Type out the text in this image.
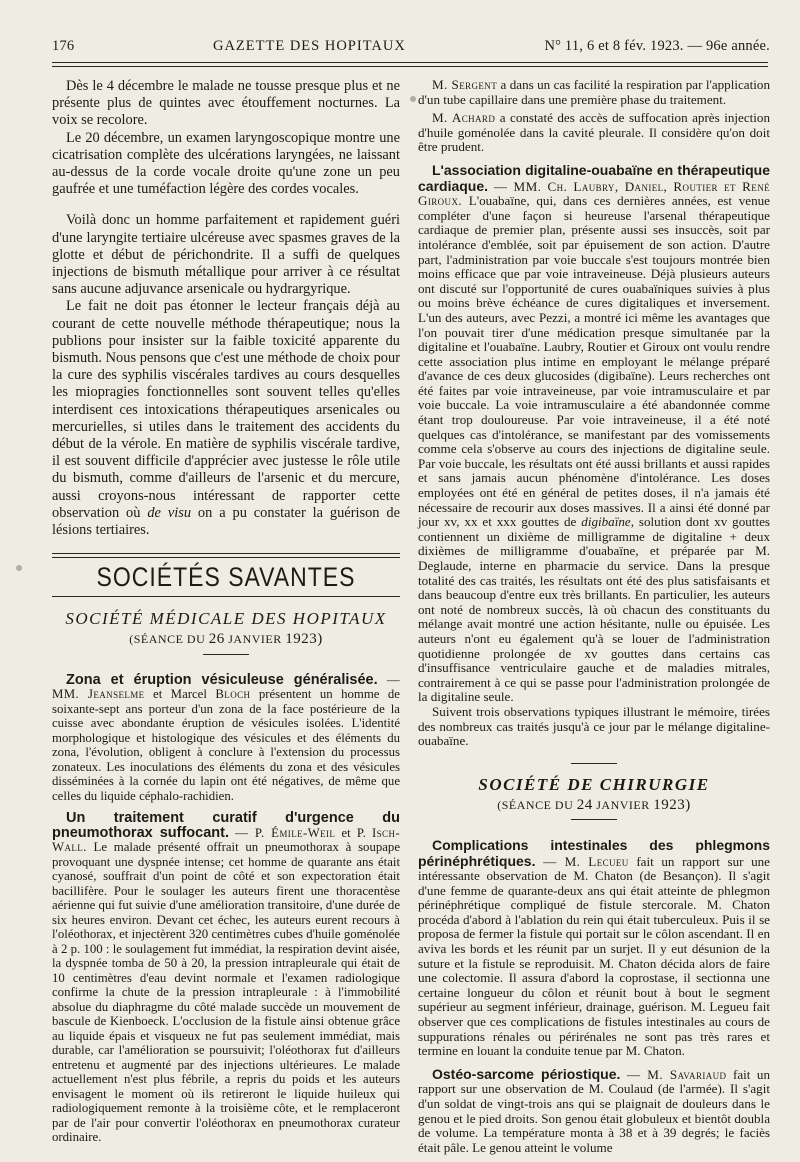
176	GAZETTE DES HOPITAUX	N° 11, 6 et 8 fév. 1923. — 96e année.

Dès le 4 décembre le malade ne tousse presque plus et ne présente plus de quintes avec étouffement nocturnes. La voix se recolore.

Le 20 décembre, un examen laryngoscopique montre une cicatrisation complète des ulcérations laryngées, ne laissant au-dessus de la corde vocale droite qu'une zone un peu gaufrée et une tuméfaction légère des cordes vocales.

Voilà donc un homme parfaitement et rapidement guéri d'une laryngite tertiaire ulcéreuse avec spasmes graves de la glotte et début de périchondrite. Il a suffi de quelques injections de bismuth métallique pour arriver à ce résultat sans aucune adjuvance arsenicale ou hydrargyrique.

Le fait ne doit pas étonner le lecteur français déjà au courant de cette nouvelle méthode thérapeutique; nous la publions pour insister sur la faible toxicité apparente du bismuth. Nous pensons que c'est une méthode de choix pour la cure des syphilis viscérales tardives au cours desquelles les miopragies fonctionnelles sont souvent telles qu'elles interdisent ces intoxications thérapeutiques arsenicales ou mercurielles, si utiles dans le traitement des accidents du début de la vérole. En matière de syphilis viscérale tardive, il est souvent difficile d'apprécier avec justesse le rôle utile du bismuth, comme d'ailleurs de l'arsenic et du mercure, aussi croyons-nous intéressant de rapporter cette observation où de visu on a pu constater la guérison de lésions tertiaires.

SOCIÉTÉS SAVANTES
SOCIÉTÉ MÉDICALE DES HOPITAUX
(SÉANCE DU 26 JANVIER 1923)

Zona et éruption vésiculeuse généralisée. — MM. Jeanselme et Marcel Bloch présentent un homme de soixante-sept ans porteur d'un zona de la face postérieure de la cuisse avec abondante éruption de vésicules isolées. L'identité morphologique et histologique des vésicules et des éléments du zona, l'évolution, obligent à conclure à l'extension du processus zonateux. Les inoculations des éléments du zona et des vésicules disséminées à la cornée du lapin ont été négatives, de même que celles du liquide céphalo-rachidien.

Un traitement curatif d'urgence du pneumothorax suffocant. — P. Émile-Weil et P. Isch-Wall. Le malade présenté offrait un pneumothorax à soupape provoquant une dyspnée intense; cet homme de quarante ans était cyanosé, souffrait d'un point de côté et son expectoration était bacillifère. Pour le soulager les auteurs firent une thoracentèse aérienne qui fut suivie d'une amélioration transitoire, d'une durée de six heures environ. Devant cet échec, les auteurs eurent recours à l'oléothorax, et injectèrent 320 centimètres cubes d'huile goménolée à 2 p. 100 : le soulagement fut immédiat, la respiration devint aisée, la dyspnée tomba de 50 à 20, la pression intrapleurale qui était de 10 centimètres d'eau devint normale et l'examen radiologique confirme la chute de la pression intrapleurale : à l'immobilité absolue du diaphragme du côté malade succède un mouvement de bascule de Kienboeck. L'occlusion de la fistule ainsi obtenue grâce au liquide épais et visqueux ne fut pas seulement immédiat, mais durable, car l'amélioration se poursuivit; l'oléothorax fut d'ailleurs entretenu et augmenté par des injections ultérieures. Le malade actuellement n'est plus fébrile, a repris du poids et les auteurs envisagent le moment où ils retireront le liquide huileux qui radiologiquement remonte à la troisième côte, et le remplaceront par de l'air pour convertir l'oléothorax en pneumothorax curateur ordinaire.

M. Sergent a dans un cas facilité la respiration par l'application d'un tube capillaire dans une première phase du traitement.

M. Achard a constaté des accès de suffocation après injection d'huile goménolée dans la cavité pleurale. Il considère qu'on doit être prudent.

L'association digitaline-ouabaïne en thérapeutique cardiaque. — MM. Ch. Laubry, Daniel, Routier et René Giroux. L'ouabaïne, qui, dans ces dernières années, est venue compléter d'une façon si heureuse l'arsenal thérapeutique cardiaque de premier plan, présente aussi ses insuccès, soit par intolérance d'emblée, soit par épuisement de son action. D'autre part, l'administration par voie buccale s'est toujours montrée bien moins efficace que par voie intraveineuse. Déjà plusieurs auteurs ont discuté sur l'opportunité de cures ouabaïniques suivies à plus ou moins brève échéance de cures digitaliques et inversement. L'un des auteurs, avec Pezzi, a montré ici même les avantages que l'on pouvait tirer d'une médication presque simultanée par la digitaline et l'ouabaïne. Laubry, Routier et Giroux ont voulu rendre cette association plus intime en employant le mélange préparé d'avance de ces deux glucosides (digibaïne). Leurs recherches ont été faites par voie intraveineuse, par voie intramusculaire et par voie buccale. La voie intramusculaire a été abandonnée comme étant trop douloureuse. Par voie intraveineuse, il a été noté quelques cas d'intolérance, se manifestant par des vomissements comme cela s'observe au cours des injections de digitaline seule. Par voie buccale, les résultats ont été aussi brillants et aussi rapides et sans jamais aucun phénomène d'intolérance. Les doses employées ont été en général de petites doses, il n'a jamais été nécessaire de recourir aux doses massives. Il a ainsi été donné par jour xv, xx et xxx gouttes de digibaïne, solution dont xv gouttes contiennent un dixième de milligramme de digitaline + deux dixièmes de milligramme d'ouabaïne, et préparée par M. Deglaude, interne en pharmacie du service. Dans la presque totalité des cas traités, les résultats ont été des plus satisfaisants et dans beaucoup d'entre eux très brillants. En particulier, les auteurs ont noté de nombreux succès, là où chacun des constituants du mélange avait montré une action hésitante, nulle ou épuisée. Les auteurs n'ont eu également qu'à se louer de l'administration quotidienne prolongée de xv gouttes dans certains cas d'insuffisance ventriculaire gauche et de maladies mitrales, contrairement à ce qui se passe pour l'administration prolongée de la digitaline seule.

Suivent trois observations typiques illustrant le mémoire, tirées des nombreux cas traités jusqu'à ce jour par le mélange digitaline-ouabaïne.

SOCIÉTÉ DE CHIRURGIE
(SÉANCE DU 24 JANVIER 1923)

Complications intestinales des phlegmons périnéphrétiques. — M. Lecueu fait un rapport sur une intéressante observation de M. Chaton (de Besançon). Il s'agit d'une femme de quarante-deux ans qui était atteinte de phlegmon périnéphrétique compliqué de fistule stercorale. M. Chaton procéda d'abord à l'ablation du rein qui était tuberculeux. Puis il se proposa de fermer la fistule qui portait sur le côlon ascendant. Il en aviva les bords et les réunit par un surjet. Il y eut désunion de la suture et la fistule se reproduisit. M. Chaton décida alors de faire une colectomie. Il assura d'abord la coprostase, il sectionna une certaine longueur du côlon et réunit bout à bout le segment supérieur au segment inférieur, drainage, guérison. M. Legueu fait observer que ces complications de fistules intestinales au cours de suppurations rénales ou périrénales ne sont pas très rares et termine en louant la conduite tenue par M. Chaton.

Ostéo-sarcome périostique. — M. Savariaud fait un rapport sur une observation de M. Coulaud (de l'armée). Il s'agit d'un soldat de vingt-trois ans qui se plaignait de douleurs dans le genou et le pied droits. Son genou était globuleux et bientôt doubla de volume. La température monta à 38 et à 39 degrés; le faciès était pâle. Le genou atteint le volume
